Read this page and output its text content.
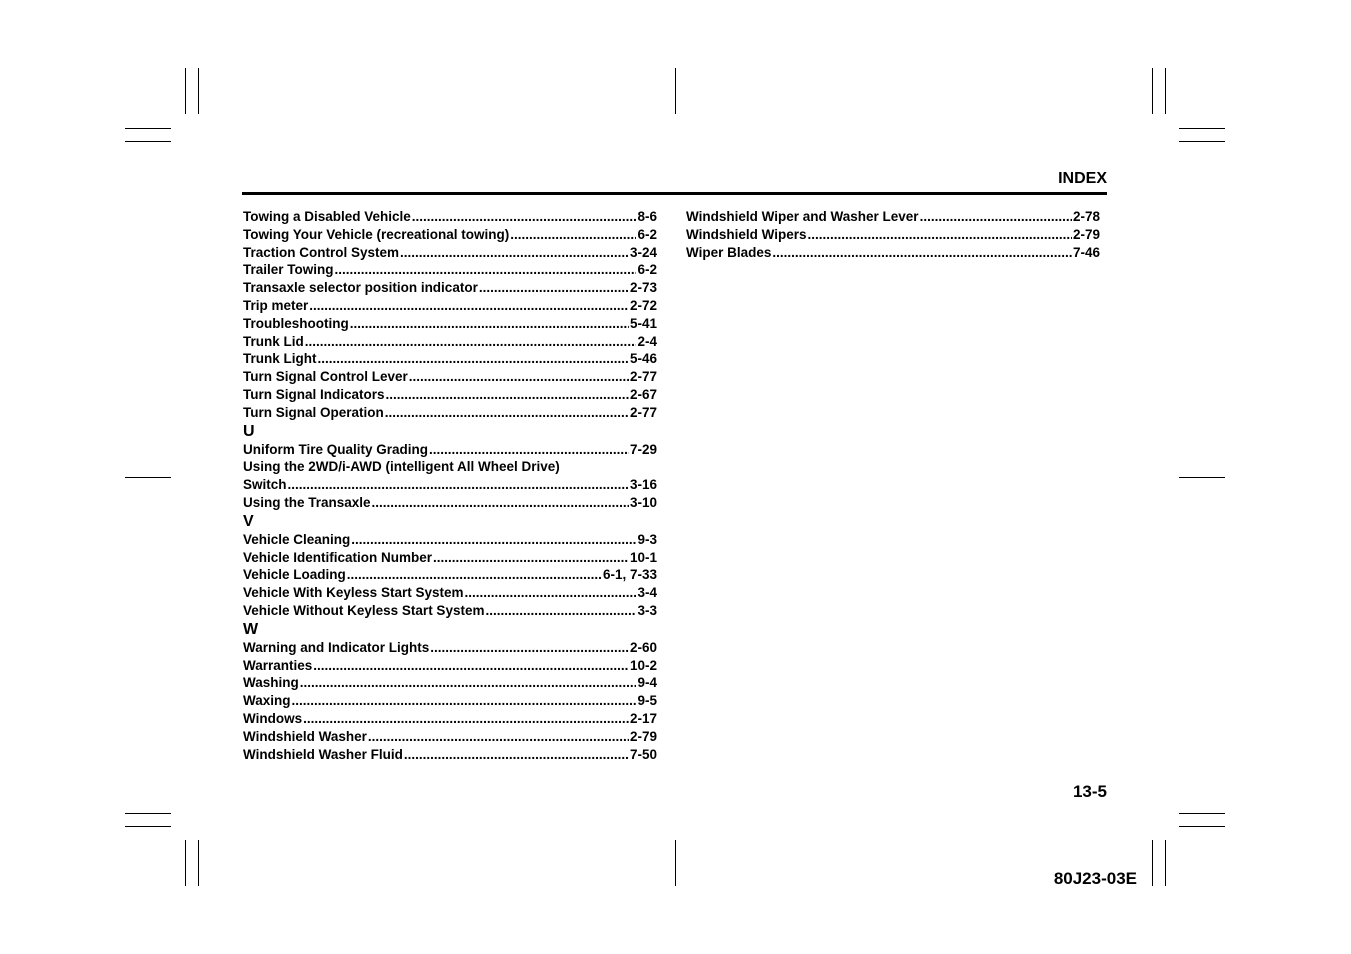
INDEX
Towing a Disabled Vehicle .....	8-6
Towing Your Vehicle (recreational towing) .....	6-2
Traction Control System .....	3-24
Trailer Towing .....	6-2
Transaxle selector position indicator .....	2-73
Trip meter .....	2-72
Troubleshooting .....	5-41
Trunk Lid .....	2-4
Trunk Light .....	5-46
Turn Signal Control Lever .....	2-77
Turn Signal Indicators .....	2-67
Turn Signal Operation .....	2-77
U
Uniform Tire Quality Grading .....	7-29
Using the 2WD/i-AWD (intelligent All Wheel Drive)
Switch .....	3-16
Using the Transaxle .....	3-10
V
Vehicle Cleaning .....	9-3
Vehicle Identification Number .....	10-1
Vehicle Loading .....	6-1, 7-33
Vehicle With Keyless Start System .....	3-4
Vehicle Without Keyless Start System .....	3-3
W
Warning and Indicator Lights .....	2-60
Warranties .....	10-2
Washing .....	9-4
Waxing .....	9-5
Windows .....	2-17
Windshield Washer .....	2-79
Windshield Washer Fluid .....	7-50
Windshield Wiper and Washer Lever .....	2-78
Windshield Wipers .....	2-79
Wiper Blades .....	7-46
13-5
80J23-03E
